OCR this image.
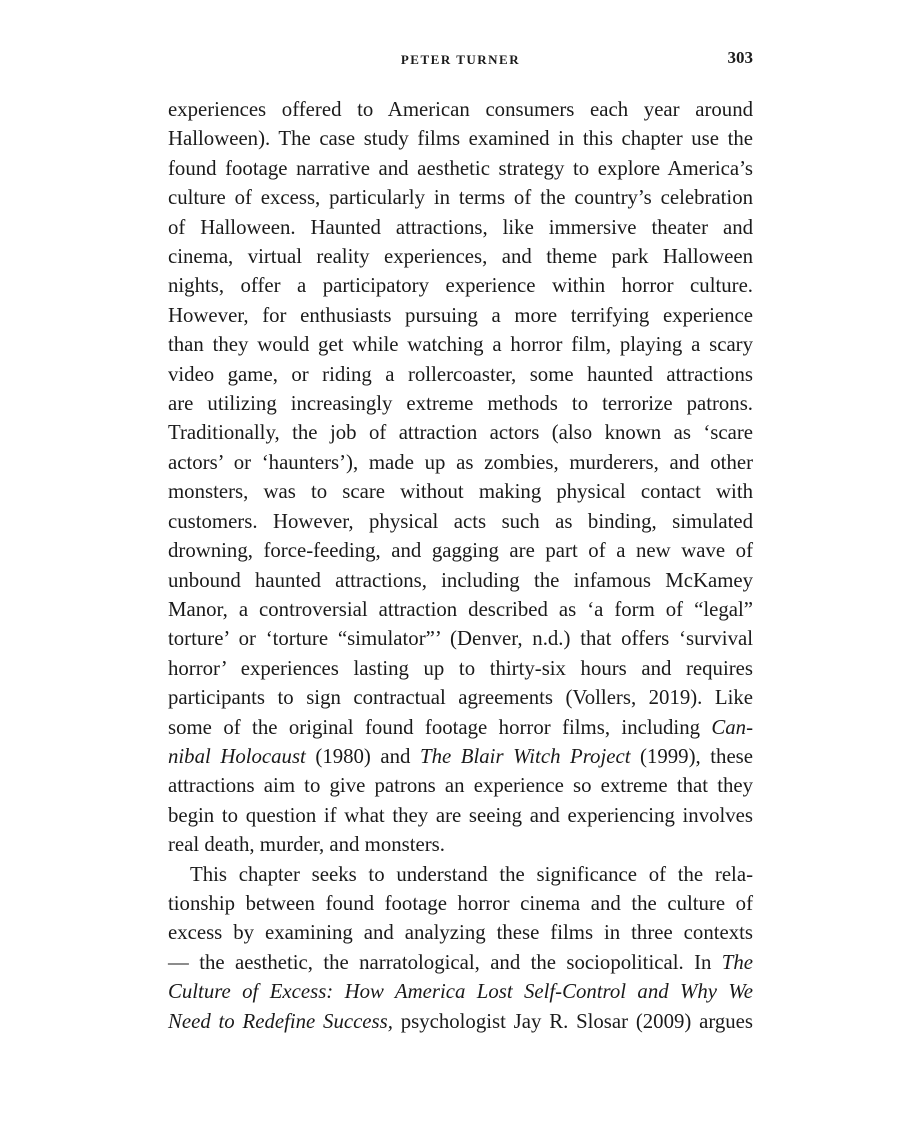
PETER TURNER	303
experiences offered to American consumers each year around
Halloween). The case study films examined in this chapter use the
found footage narrative and aesthetic strategy to explore America’s
culture of excess, particularly in terms of the country’s celebration
of Halloween. Haunted attractions, like immersive theater and
cinema, virtual reality experiences, and theme park Halloween
nights, offer a participatory experience within horror culture.
However, for enthusiasts pursuing a more terrifying experience
than they would get while watching a horror film, playing a scary
video game, or riding a rollercoaster, some haunted attractions
are utilizing increasingly extreme methods to terrorize patrons.
Traditionally, the job of attraction actors (also known as ‘scare
actors’ or ‘haunters’), made up as zombies, murderers, and other
monsters, was to scare without making physical contact with
customers. However, physical acts such as binding, simulated
drowning, force-feeding, and gagging are part of a new wave of
unbound haunted attractions, including the infamous McKamey
Manor, a controversial attraction described as ‘a form of “legal”
torture’ or ‘torture “simulator”’ (Denver, n.d.) that offers ‘survival
horror’ experiences lasting up to thirty-six hours and requires
participants to sign contractual agreements (Vollers, 2019). Like
some of the original found footage horror films, including Can-
nibal Holocaust (1980) and The Blair Witch Project (1999), these
attractions aim to give patrons an experience so extreme that they
begin to question if what they are seeing and experiencing involves
real death, murder, and monsters.
This chapter seeks to understand the significance of the rela-
tionship between found footage horror cinema and the culture of
excess by examining and analyzing these films in three contexts
— the aesthetic, the narratological, and the sociopolitical. In The
Culture of Excess: How America Lost Self-Control and Why We
Need to Redefine Success, psychologist Jay R. Slosar (2009) argues
